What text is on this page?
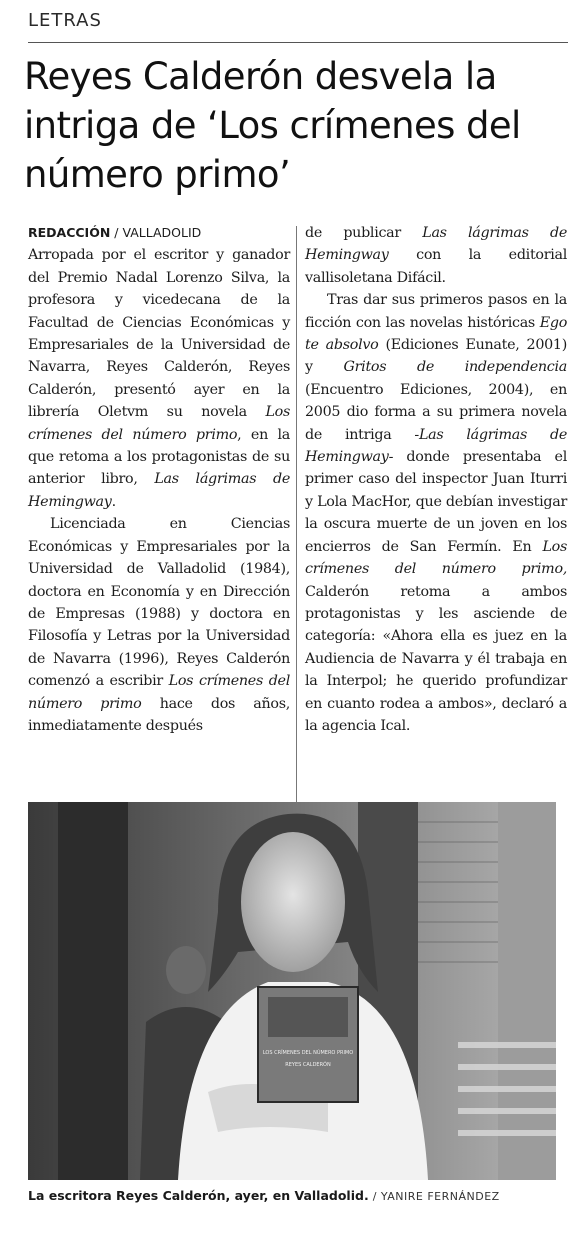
LETRAS
Reyes Calderón desvela la intriga de ‘Los crímenes del número primo’
REDACCIÓN / VALLADOLID

Arropada por el escritor y ganador del Premio Nadal Lorenzo Silva, la profesora y vicedecana de la Facultad de Ciencias Económicas y Empresariales de la Universidad de Navarra, Reyes Calderón, Reyes Calderón, presentó ayer en la librería Oletvm su novela Los crímenes del número primo, en la que retoma a los protagonistas de su anterior libro, Las lágrimas de Hemingway.

Licenciada en Ciencias Económicas y Empresariales por la Universidad de Valladolid (1984), doctora en Economía y en Dirección de Empresas (1988) y doctora en Filosofía y Letras por la Universidad de Navarra (1996), Reyes Calderón comenzó a escribir Los crímenes del número primo hace dos años, inmediatamente después

de publicar Las lágrimas de Hemingway con la editorial vallisoletana Difácil.

Tras dar sus primeros pasos en la ficción con las novelas históricas Ego te absolvo (Ediciones Eunate, 2001) y Gritos de independencia (Encuentro Ediciones, 2004), en 2005 dio forma a su primera novela de intriga -Las lágrimas de Hemingway- donde presentaba el primer caso del inspector Juan Iturri y Lola MacHor, que debían investigar la oscura muerte de un joven en los encierros de San Fermín. En Los crímenes del número primo, Calderón retoma a ambos protagonistas y les asciende de categoría: «Ahora ella es juez en la Audiencia de Navarra y él trabaja en la Interpol; he querido profundizar en cuanto rodea a ambos», declaró a la agencia Ical.

LOS CRÍMENES DEL NÚMERO PRIMO
REYES CALDERÓN
La escritora Reyes Calderón, ayer, en Valladolid. / YANIRE FERNÁNDEZ
